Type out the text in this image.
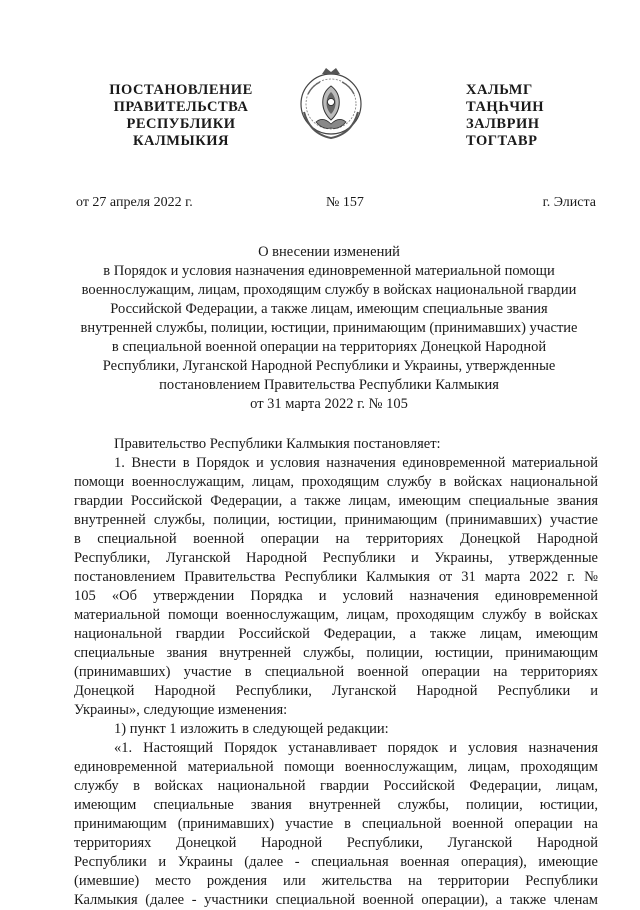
ПОСТАНОВЛЕНИЕ
ПРАВИТЕЛЬСТВА
РЕСПУБЛИКИ
КАЛМЫКИЯ
ХАЛЬМГ
ТАҢҺЧИН
ЗАЛВРИН
ТОГТАВР
от 27 апреля 2022 г.	№ 157	г. Элиста
О внесении изменений
в Порядок и условия назначения единовременной материальной помощи
военнослужащим, лицам, проходящим службу в войсках национальной гвардии
Российской Федерации, а также лицам, имеющим специальные звания
внутренней службы, полиции, юстиции, принимающим (принимавших) участие
в специальной военной операции на территориях Донецкой Народной
Республики, Луганской Народной Республики и Украины, утвержденные
постановлением Правительства Республики Калмыкия
от 31 марта 2022 г. № 105
Правительство Республики Калмыкия постановляет:
1. Внести в Порядок и условия назначения единовременной материальной
помощи военнослужащим, лицам, проходящим службу в войсках национальной
гвардии Российской Федерации, а также лицам, имеющим специальные звания
внутренней службы, полиции, юстиции, принимающим (принимавших) участие
в специальной военной операции на территориях Донецкой Народной
Республики, Луганской Народной Республики и Украины, утвержденные
постановлением Правительства Республики Калмыкия от 31 марта 2022 г. №
105 «Об утверждении Порядка и условий назначения единовременной
материальной помощи военнослужащим, лицам, проходящим службу в войсках
национальной гвардии Российской Федерации, а также лицам, имеющим
специальные звания внутренней службы, полиции, юстиции, принимающим
(принимавших) участие в специальной военной операции на территориях
Донецкой Народной Республики, Луганской Народной Республики и
Украины», следующие изменения:
1) пункт 1 изложить в следующей редакции:
«1. Настоящий Порядок устанавливает порядок и условия назначения
единовременной материальной помощи военнослужащим, лицам, проходящим
службу в войсках национальной гвардии Российской Федерации, лицам,
имеющим специальные звания внутренней службы, полиции, юстиции,
принимающим (принимавших) участие в специальной военной операции на
территориях Донецкой Народной Республики, Луганской Народной
Республики и Украины (далее - специальная военная операция), имеющие
(имевшие) место рождения или жительства на территории Республики
Калмыкия (далее - участники специальной военной операции), а также членам
